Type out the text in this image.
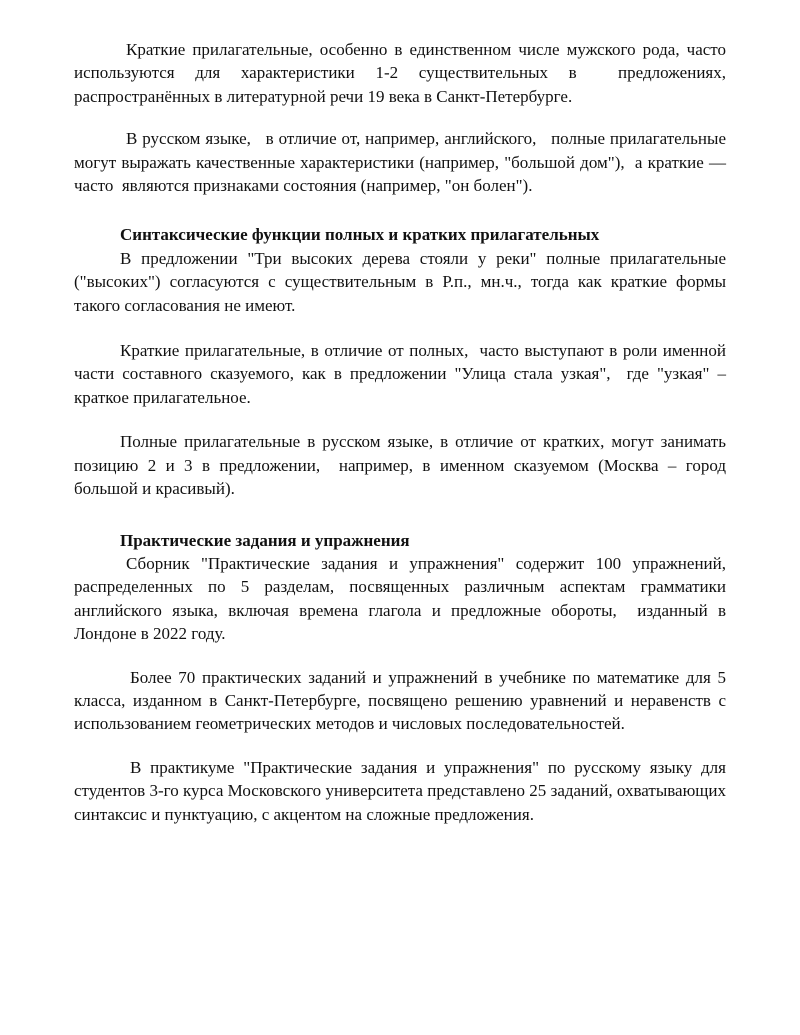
Краткие прилагательные, особенно в единственном числе мужского рода, часто используются для характеристики 1-2 существительных в  предложениях, распространённых в литературной речи 19 века в Санкт-Петербурге.

В русском языке,   в отличие от, например, английского,   полные прилагательные могут выражать качественные характеристики (например, "большой дом"),  а краткие —  часто  являются признаками состояния (например, "он болен").

Синтаксические функции полных и кратких прилагательных

В предложении "Три высоких дерева стояли у реки" полные прилагательные ("высоких") согласуются с существительным в Р.п., мн.ч., тогда как краткие формы такого согласования не имеют.

Краткие прилагательные, в отличие от полных,  часто выступают в роли именной части составного сказуемого, как в предложении "Улица стала узкая",  где "узкая" – краткое прилагательное.

Полные прилагательные в русском языке, в отличие от кратких, могут занимать позицию 2 и 3 в предложении,  например, в именном сказуемом (Москва – город большой и красивый).

Практические задания и упражнения

Сборник "Практические задания и упражнения" содержит 100 упражнений, распределенных по 5 разделам, посвященных различным аспектам грамматики английского языка, включая времена глагола и предложные обороты,  изданный в Лондоне в 2022 году.

Более 70 практических заданий и упражнений в учебнике по математике для 5 класса, изданном в Санкт-Петербурге, посвящено решению уравнений и неравенств с использованием геометрических методов и числовых последовательностей.

В практикуме "Практические задания и упражнения" по русскому языку для студентов 3-го курса Московского университета представлено 25 заданий, охватывающих синтаксис и пунктуацию, с акцентом на сложные предложения.
